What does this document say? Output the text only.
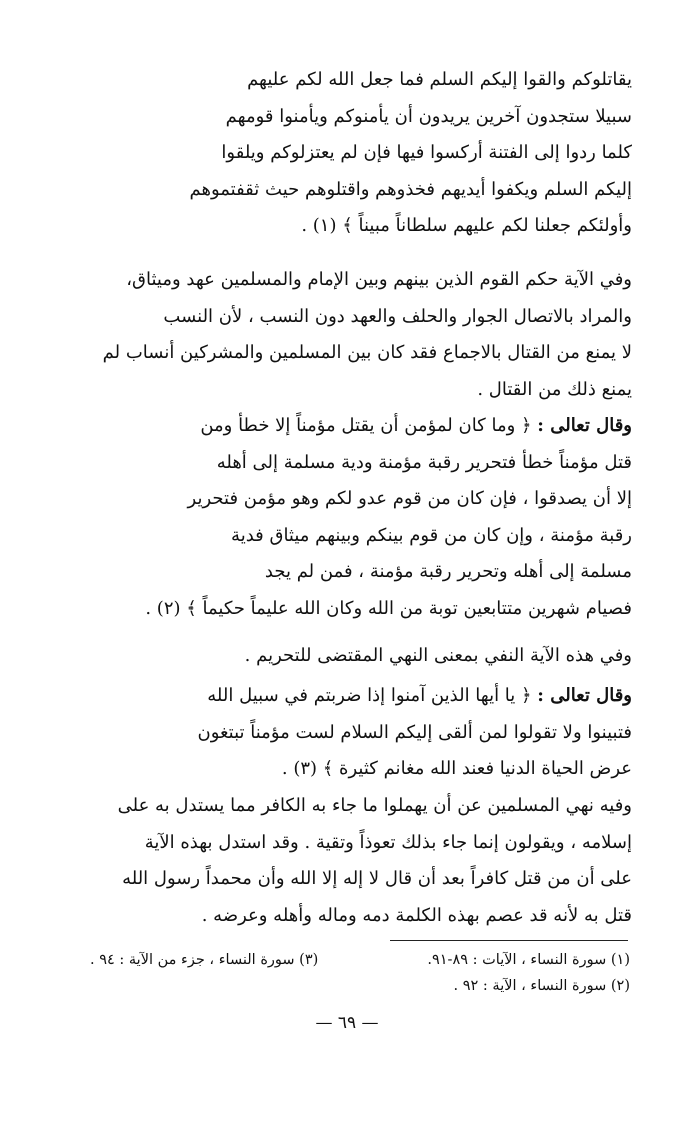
يقاتلوكم والقوا إليكم السلم فما جعل الله لكم عليهم
سبيلا ستجدون آخرين يريدون أن يأمنوكم ويأمنوا قومهم
كلما ردوا إلى الفتنة أركسوا فيها فإن لم يعتزلوكم ويلقوا
إليكم السلم ويكفوا أيديهم فخذوهم واقتلوهم حيث ثقفتموهم
وأولئكم جعلنا لكم عليهم سلطاناً مبيناً ﴾ (١) .
وفي الآية حكم القوم الذين بينهم وبين الإمام والمسلمين عهد وميثاق،
والمراد بالاتصال الجوار والحلف والعهد دون النسب ، لأن النسب
لا يمنع من القتال بالاجماع فقد كان بين المسلمين والمشركين أنساب لم
يمنع ذلك من القتال .
وقال تعالى : ﴿ وما كان لمؤمن أن يقتل مؤمناً إلا خطأ ومن
قتل مؤمناً خطأ فتحرير رقبة مؤمنة ودية مسلمة إلى أهله
إلا أن يصدقوا ، فإن كان من قوم عدو لكم وهو مؤمن فتحرير
رقبة مؤمنة ، وإن كان من قوم بينكم وبينهم ميثاق فدية
مسلمة إلى أهله وتحرير رقبة مؤمنة ، فمن لم يجد
فصيام شهرين متتابعين توبة من الله وكان الله عليماً حكيماً ﴾ (٢) .
وفي هذه الآية النفي بمعنى النهي المقتضى للتحريم .
وقال تعالى : ﴿ يا أيها الذين آمنوا إذا ضربتم في سبيل الله
فتبينوا ولا تقولوا لمن ألقى إليكم السلام لست مؤمناً تبتغون
عرض الحياة الدنيا فعند الله مغانم كثيرة ﴾ (٣) .
وفيه نهي المسلمين عن أن يهملوا ما جاء به الكافر مما يستدل به على
إسلامه ، ويقولون إنما جاء بذلك تعوذاً وتقية . وقد استدل بهذه الآية
على أن من قتل كافراً بعد أن قال لا إله إلا الله وأن محمداً رسول الله
قتل به لأنه قد عصم بهذه الكلمة دمه وماله وأهله وعرضه .
(١) سورة النساء ، الآيات : ٨٩-٩١.
(٣) سورة النساء ، جزء من الآية : ٩٤ .
(٢) سورة النساء ، الآية : ٩٢ .
— ٦٩ —
